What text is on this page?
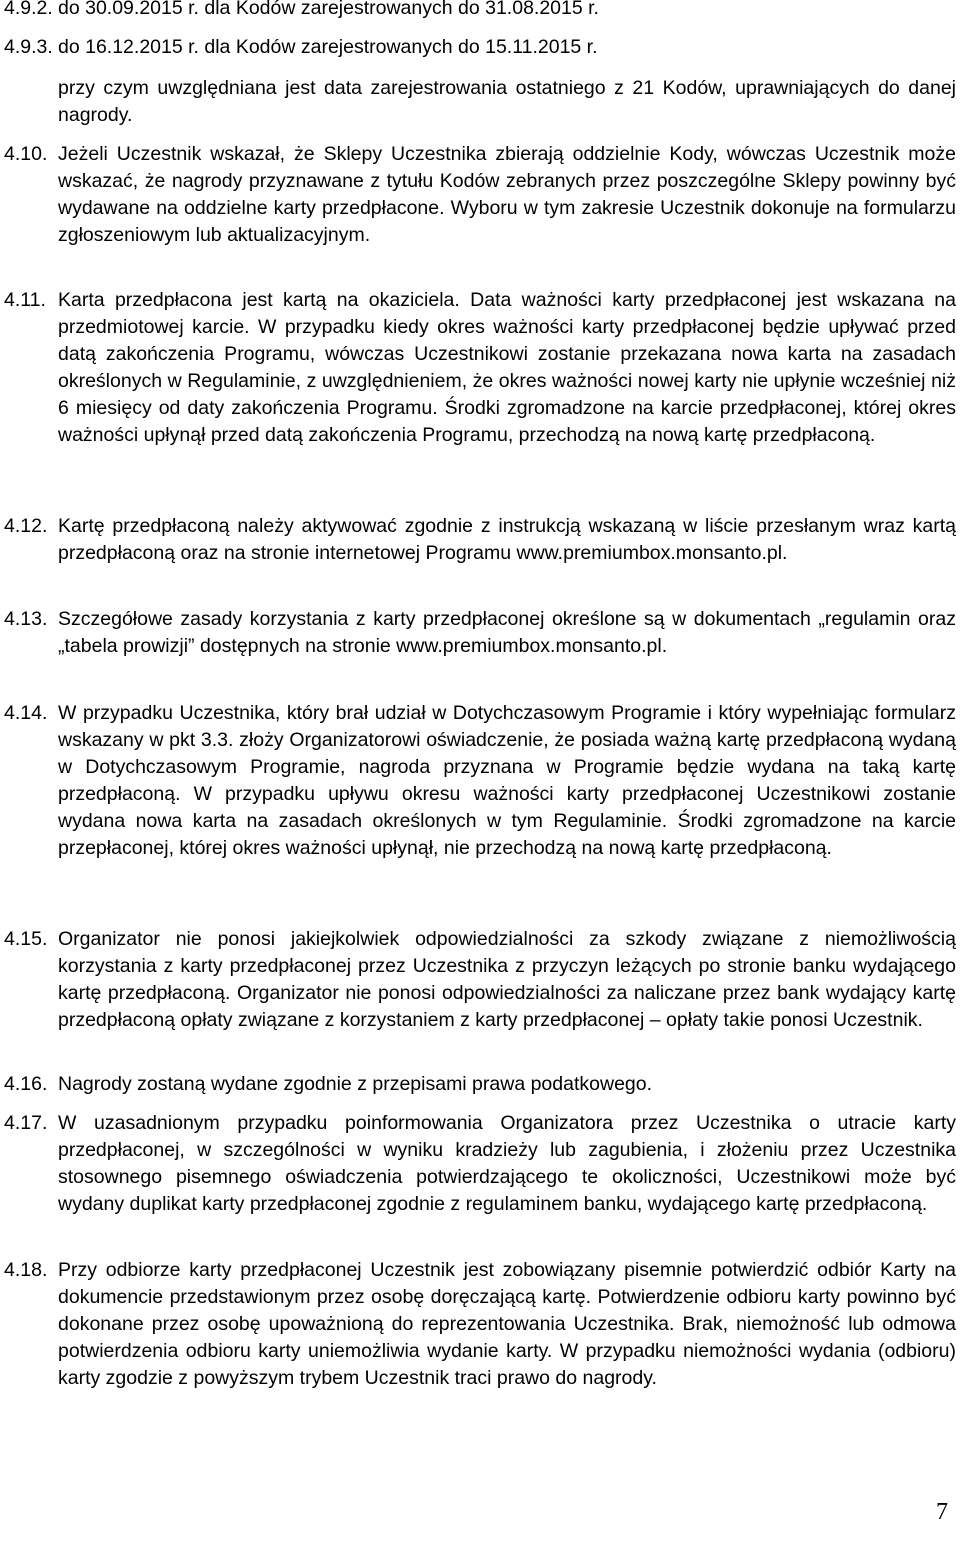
4.9.2. do 30.09.2015 r. dla Kodów zarejestrowanych do 31.08.2015 r.
4.9.3. do 16.12.2015 r. dla Kodów zarejestrowanych do 15.11.2015 r.
przy czym uwzględniana jest data zarejestrowania ostatniego z 21 Kodów, uprawniających do danej nagrody.
4.10. Jeżeli Uczestnik wskazał, że Sklepy Uczestnika zbierają oddzielnie Kody, wówczas Uczestnik może wskazać, że nagrody przyznawane z tytułu Kodów zebranych przez poszczególne Sklepy powinny być wydawane na oddzielne karty przedpłacone. Wyboru w tym zakresie Uczestnik dokonuje na formularzu zgłoszeniowym lub aktualizacyjnym.
4.11. Karta przedpłacona jest kartą na okaziciela. Data ważności karty przedpłaconej jest wskazana na przedmiotowej karcie. W przypadku kiedy okres ważności karty przedpłaconej będzie upływać przed datą zakończenia Programu, wówczas Uczestnikowi zostanie przekazana nowa karta na zasadach określonych w Regulaminie, z uwzględnieniem, że okres ważności nowej karty nie upłynie wcześniej niż 6 miesięcy od daty zakończenia Programu. Środki zgromadzone na karcie przedpłaconej, której okres ważności upłynął przed datą zakończenia Programu, przechodzą na nową kartę przedpłaconą.
4.12. Kartę przedpłaconą należy aktywować zgodnie z instrukcją wskazaną w liście przesłanym wraz kartą przedpłaconą oraz na stronie internetowej Programu www.premiumbox.monsanto.pl.
4.13. Szczegółowe zasady korzystania z karty przedpłaconej określone są w dokumentach „regulamin oraz „tabela prowizji” dostępnych na stronie www.premiumbox.monsanto.pl.
4.14. W przypadku Uczestnika, który brał udział w Dotychczasowym Programie i który wypełniając formularz wskazany w pkt 3.3. złoży Organizatorowi oświadczenie, że posiada ważną kartę przedpłaconą wydaną w Dotychczasowym Programie, nagroda przyznana w Programie będzie wydana na taką kartę przedpłaconą. W przypadku upływu okresu ważności karty przedpłaconej Uczestnikowi zostanie wydana nowa karta na zasadach określonych w tym Regulaminie. Środki zgromadzone na karcie przepłaconej, której okres ważności upłynął, nie przechodzą na nową kartę przedpłaconą.
4.15. Organizator nie ponosi jakiejkolwiek odpowiedzialności za szkody związane z niemożliwością korzystania z karty przedpłaconej przez Uczestnika z przyczyn leżących po stronie banku wydającego kartę przedpłaconą. Organizator nie ponosi odpowiedzialności za naliczane przez bank wydający kartę przedpłaconą opłaty związane z korzystaniem z karty przedpłaconej – opłaty takie ponosi Uczestnik.
4.16. Nagrody zostaną wydane zgodnie z przepisami prawa podatkowego.
4.17. W uzasadnionym przypadku poinformowania Organizatora przez Uczestnika o utracie karty przedpłaconej, w szczególności w wyniku kradzieży lub zagubienia, i złożeniu przez Uczestnika stosownego pisemnego oświadczenia potwierdzającego te okoliczności, Uczestnikowi może być wydany duplikat karty przedpłaconej zgodnie z regulaminem banku, wydającego kartę przedpłaconą.
4.18. Przy odbiorze karty przedpłaconej Uczestnik jest zobowiązany pisemnie potwierdzić odbiór Karty na dokumencie przedstawionym przez osobę doręczającą kartę. Potwierdzenie odbioru karty powinno być dokonane przez osobę upoważnioną do reprezentowania Uczestnika. Brak, niemożność lub odmowa potwierdzenia odbioru karty uniemożliwia wydanie karty. W przypadku niemożności wydania (odbioru) karty zgodzie z powyższym trybem Uczestnik traci prawo do nagrody.
7
